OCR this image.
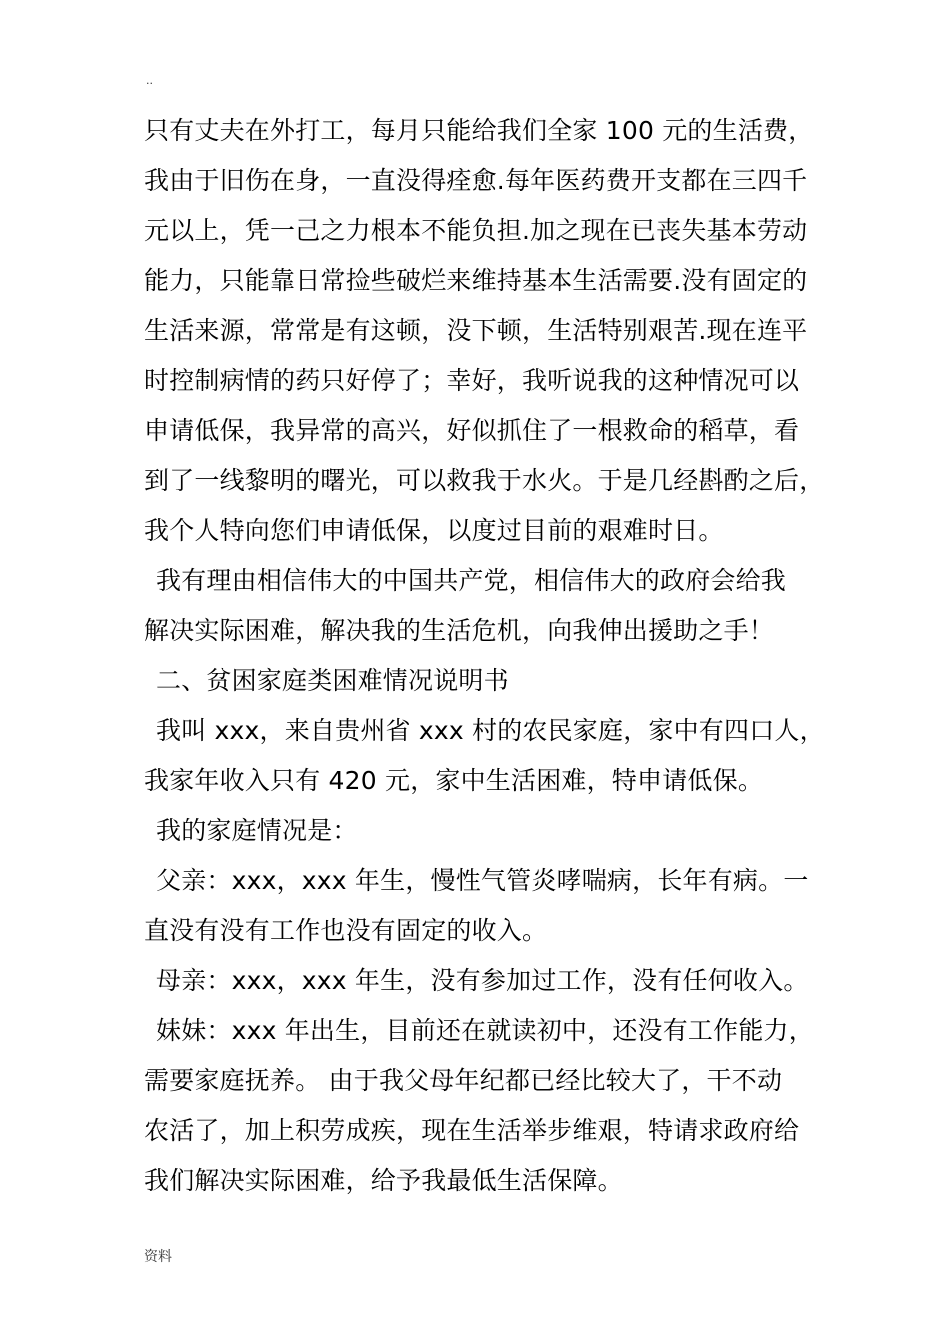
..
只有丈夫在外打工，每月只能给我们全家 100 元的生活费，
我由于旧伤在身，一直没得痊愈.每年医药费开支都在三四千
元以上，凭一己之力根本不能负担.加之现在已丧失基本劳动
能力，只能靠日常捡些破烂来维持基本生活需要.没有固定的
生活来源，常常是有这顿，没下顿，生活特别艰苦.现在连平
时控制病情的药只好停了；幸好，我听说我的这种情况可以
申请低保，我异常的高兴，好似抓住了一根救命的稻草，看
到了一线黎明的曙光，可以救我于水火。于是几经斟酌之后，
我个人特向您们申请低保，以度过目前的艰难时日。
我有理由相信伟大的中国共产党，相信伟大的政府会给我
解决实际困难，解决我的生活危机，向我伸出援助之手！
二、贫困家庭类困难情况说明书
我叫 xxx，来自贵州省 xxx 村的农民家庭，家中有四口人，
我家年收入只有 420 元，家中生活困难，特申请低保。
我的家庭情况是：
父亲：xxx，xxx 年生，慢性气管炎哮喘病，长年有病。一
直没有没有工作也没有固定的收入。
母亲：xxx，xxx 年生，没有参加过工作，没有任何收入。
妹妹：xxx 年出生，目前还在就读初中，还没有工作能力，
需要家庭抚养。 由于我父母年纪都已经比较大了，干不动
农活了，加上积劳成疾，现在生活举步维艰，特请求政府给
我们解决实际困难，给予我最低生活保障。
资料
